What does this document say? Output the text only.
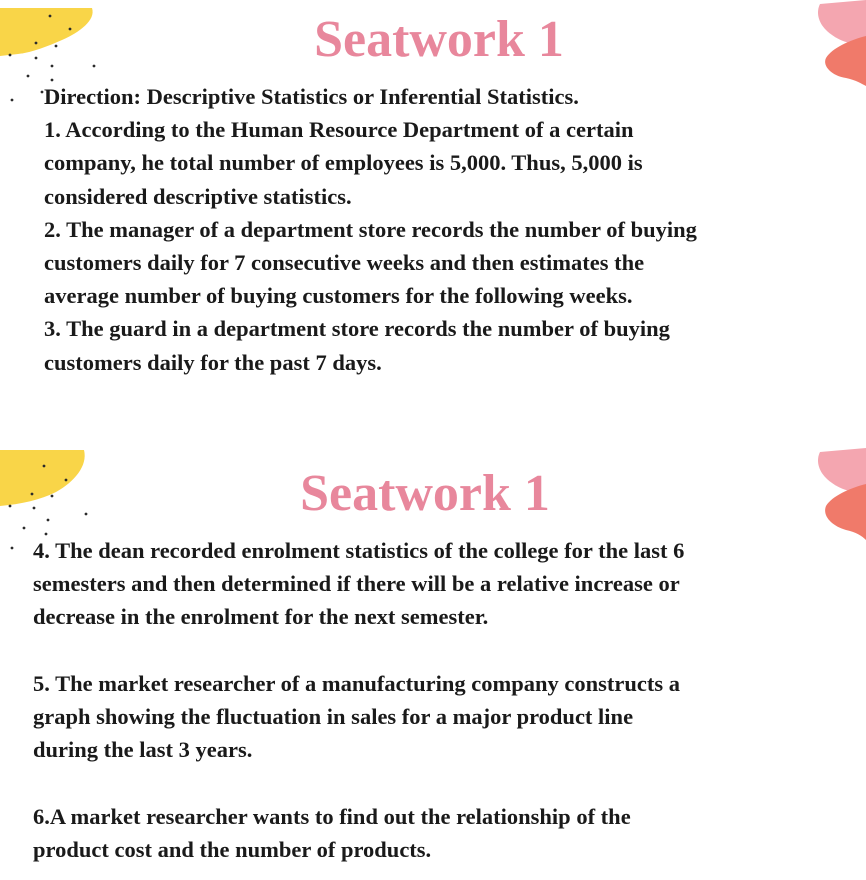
Seatwork 1
Direction: Descriptive Statistics or Inferential Statistics.
1. According to the Human Resource Department of a certain
company, he total number of employees is 5,000. Thus, 5,000 is
considered descriptive statistics.
2. The manager of a department store records the number of buying
customers daily for 7 consecutive weeks and then estimates the
average number of buying customers for the following weeks.
3. The guard in a department store records the number of buying
customers daily for the past 7 days.
Seatwork 1
4. The dean recorded enrolment statistics of the college for the last 6
semesters and then determined if there will be a relative increase or
decrease in the enrolment for the next semester.
5. The market researcher of a manufacturing company constructs a
graph showing the fluctuation in sales for a major product line
during the last 3 years.
6.A market researcher wants to find out the relationship of the
product cost and the number of products.
